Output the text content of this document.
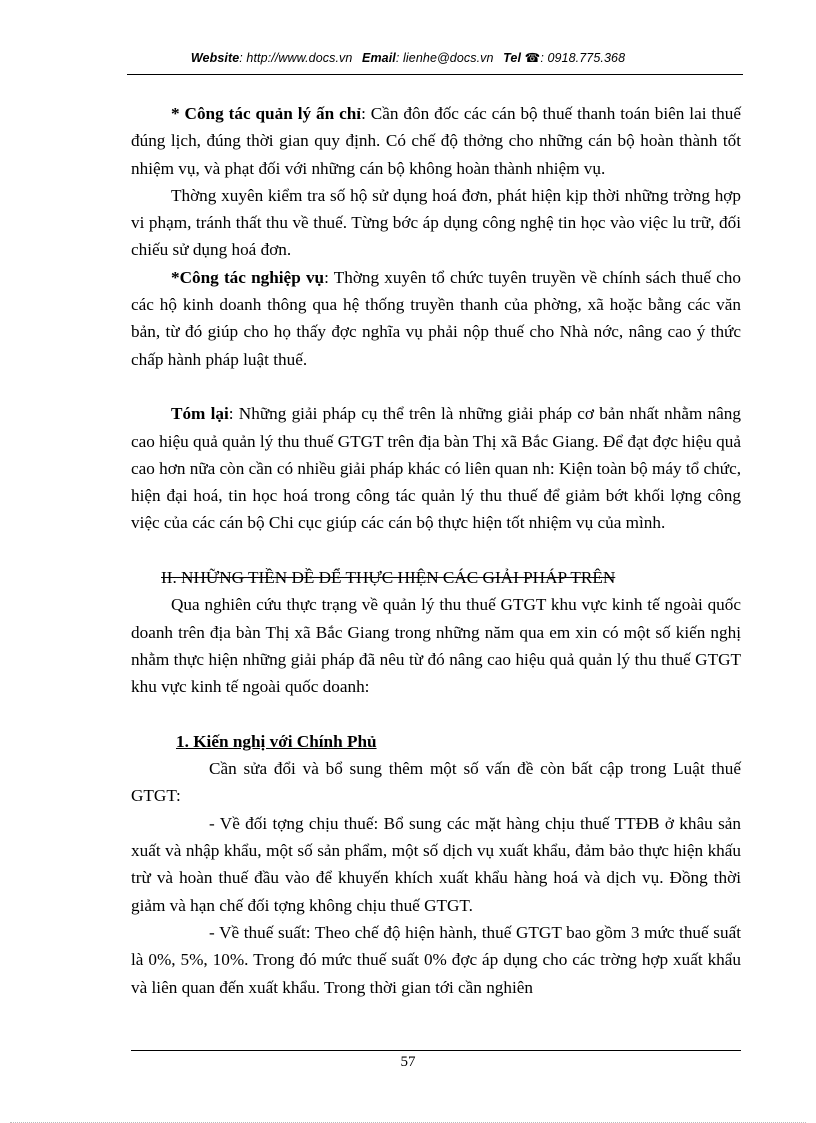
Website: http://www.docs.vn Email: lienhe@docs.vn Tel ☎: 0918.775.368

* Công tác quản lý ấn chỉ: Cần đôn đốc các cán bộ thuế thanh toán biên lai thuế đúng lịch, đúng thời gian quy định. Có chế độ thởng cho những cán bộ hoàn thành tốt nhiệm vụ, và phạt đối với những cán bộ không hoàn thành nhiệm vụ.

Thờng xuyên kiểm tra số hộ sử dụng hoá đơn, phát hiện kịp thời những trờng hợp vi phạm, tránh thất thu về thuế. Từng bớc áp dụng công nghệ tin học vào việc lu trữ, đối chiếu sử dụng hoá đơn.

*Công tác nghiệp vụ: Thờng xuyên tổ chức tuyên truyền về chính sách thuế cho các hộ kinh doanh thông qua hệ thống truyền thanh của phờng, xã hoặc bằng các văn bản, từ đó giúp cho họ thấy đợc nghĩa vụ phải nộp thuế cho Nhà nớc, nâng cao ý thức chấp hành pháp luật thuế.

Tóm lại: Những giải pháp cụ thể trên là những giải pháp cơ bản nhất nhằm nâng cao hiệu quả quản lý thu thuế GTGT trên địa bàn Thị xã Bắc Giang. Để đạt đợc hiệu quả cao hơn nữa còn cần có nhiều giải pháp khác có liên quan nh: Kiện toàn bộ máy tổ chức, hiện đại hoá, tin học hoá trong công tác quản lý thu thuế để giảm bớt khối lợng công việc của các cán bộ Chi cục giúp các cán bộ thực hiện tốt nhiệm vụ của mình.

II. NHỮNG TIỀN ĐỀ ĐỂ THỰC HIỆN CÁC GIẢI PHÁP TRÊN

Qua nghiên cứu thực trạng về quản lý thu thuế GTGT khu vực kinh tế ngoài quốc doanh trên địa bàn Thị xã Bắc Giang trong những năm qua em xin có một số kiến nghị nhằm thực hiện những giải pháp đã nêu từ đó nâng cao hiệu quả quản lý thu thuế GTGT khu vực kinh tế ngoài quốc doanh:

1. Kiến nghị với Chính Phủ

Cần sửa đổi và bổ sung thêm một số vấn đề còn bất cập trong Luật thuế GTGT:

- Về đối tợng chịu thuế: Bổ sung các mặt hàng chịu thuế TTĐB ở khâu sản xuất và nhập khẩu, một số sản phẩm, một số dịch vụ xuất khẩu, đảm bảo thực hiện khấu trừ và hoàn thuế đầu vào để khuyến khích xuất khẩu hàng hoá và dịch vụ. Đồng thời giảm và hạn chế đối tợng không chịu thuế GTGT.

- Về thuế suất: Theo chế độ hiện hành, thuế GTGT bao gồm 3 mức thuế suất là 0%, 5%, 10%. Trong đó mức thuế suất 0% đợc áp dụng cho các trờng hợp xuất khẩu và liên quan đến xuất khẩu. Trong thời gian tới cần nghiên

57
